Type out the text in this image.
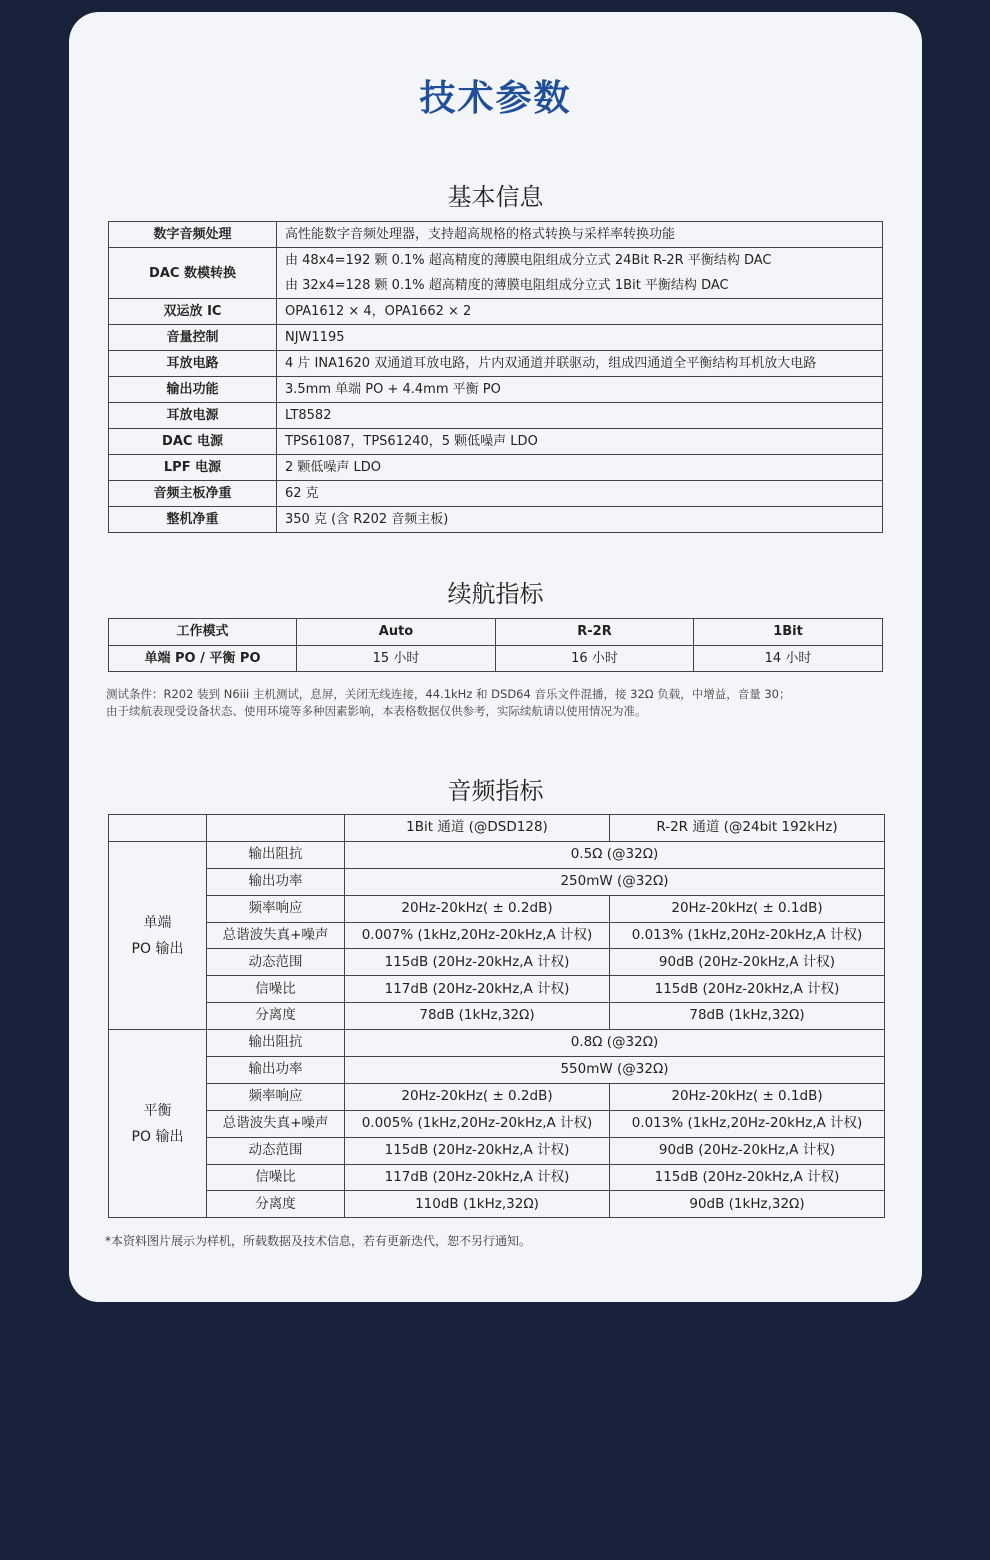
技术参数
基本信息
数字音频处理	高性能数字音频处理器，支持超高规格的格式转换与采样率转换功能

DAC 数模转换	由 48x4=192 颗 0.1% 超高精度的薄膜电阻组成分立式 24Bit R-2R 平衡结构 DAC
由 32x4=128 颗 0.1% 超高精度的薄膜电阻组成分立式 1Bit 平衡结构 DAC

双运放 IC	OPA1612 × 4，OPA1662 × 2

音量控制	NJW1195

耳放电路	4 片 INA1620 双通道耳放电路，片内双通道并联驱动，组成四通道全平衡结构耳机放大电路

输出功能	3.5mm 单端 PO + 4.4mm 平衡 PO

耳放电源	LT8582

DAC 电源	TPS61087，TPS61240，5 颗低噪声 LDO

LPF 电源	2 颗低噪声 LDO

音频主板净重	62 克

整机净重	350 克 (含 R202 音频主板)
续航指标
工作模式	Auto	R-2R	1Bit
单端 PO / 平衡 PO	15 小时	16 小时	14 小时
测试条件：R202 装到 N6iii 主机测试，息屏，关闭无线连接，44.1kHz 和 DSD64 音乐文件混播，接 32Ω 负载，中增益，音量 30；
由于续航表现受设备状态、使用环境等多种因素影响，本表格数据仅供参考，实际续航请以使用情况为准。
音频指标
		1Bit 通道 (@DSD128)	R-2R 通道 (@24bit 192kHz)

单端
PO 输出	输出阻抗	0.5Ω (@32Ω)	
	输出功率	250mW (@32Ω)	
	频率响应	20Hz-20kHz( ± 0.2dB)	20Hz-20kHz( ± 0.1dB)
	总谐波失真+噪声	0.007% (1kHz,20Hz-20kHz,A 计权)	0.013% (1kHz,20Hz-20kHz,A 计权)
	动态范围	115dB (20Hz-20kHz,A 计权)	90dB (20Hz-20kHz,A 计权)
	信噪比	117dB (20Hz-20kHz,A 计权)	115dB (20Hz-20kHz,A 计权)
	分离度	78dB (1kHz,32Ω)	78dB (1kHz,32Ω)

平衡
PO 输出	输出阻抗	0.8Ω (@32Ω)	
	输出功率	550mW (@32Ω)	
	频率响应	20Hz-20kHz( ± 0.2dB)	20Hz-20kHz( ± 0.1dB)
	总谐波失真+噪声	0.005% (1kHz,20Hz-20kHz,A 计权)	0.013% (1kHz,20Hz-20kHz,A 计权)
	动态范围	115dB (20Hz-20kHz,A 计权)	90dB (20Hz-20kHz,A 计权)
	信噪比	117dB (20Hz-20kHz,A 计权)	115dB (20Hz-20kHz,A 计权)
	分离度	110dB (1kHz,32Ω)	90dB (1kHz,32Ω)
*本资料图片展示为样机，所载数据及技术信息，若有更新迭代，恕不另行通知。
